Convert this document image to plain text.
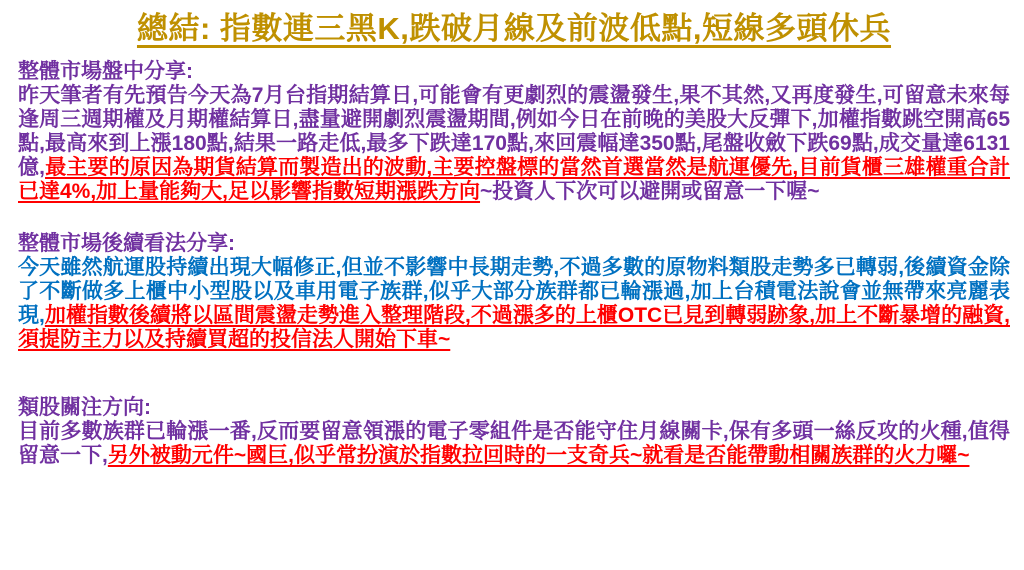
總結: 指數連三黑K,跌破月線及前波低點,短線多頭休兵
整體市場盤中分享:

昨天筆者有先預告今天為7月台指期結算日,可能會有更劇烈的震盪發生,果不其然,又再度發生,可留意未來每逢周三週期權及月期權結算日,盡量避開劇烈震盪期間,例如今日在前晚的美股大反彈下,加權指數跳空開高65點,最高來到上漲180點,結果一路走低,最多下跌達170點,來回震幅達350點,尾盤收斂下跌69點,成交量達6131億,最主要的原因為期貨結算而製造出的波動,主要控盤標的當然首選當然是航運優先,目前貨櫃三雄權重合計已達4%,加上量能夠大,足以影響指數短期漲跌方向~投資人下次可以避開或留意一下喔~

整體市場後續看法分享:

今天雖然航運股持續出現大幅修正,但並不影響中長期走勢,不過多數的原物料類股走勢多已轉弱,後續資金除了不斷做多上櫃中小型股以及車用電子族群,似乎大部分族群都已輪漲過,加上台積電法說會並無帶來亮麗表現,加權指數後續將以區間震盪走勢進入整理階段,不過漲多的上櫃OTC已見到轉弱跡象,加上不斷暴增的融資,須提防主力以及持續買超的投信法人開始下車~

類股關注方向:

目前多數族群已輪漲一番,反而要留意領漲的電子零組件是否能守住月線關卡,保有多頭一絲反攻的火種,值得留意一下,另外被動元件~國巨,似乎常扮演於指數拉回時的一支奇兵~就看是否能帶動相關族群的火力囉~
